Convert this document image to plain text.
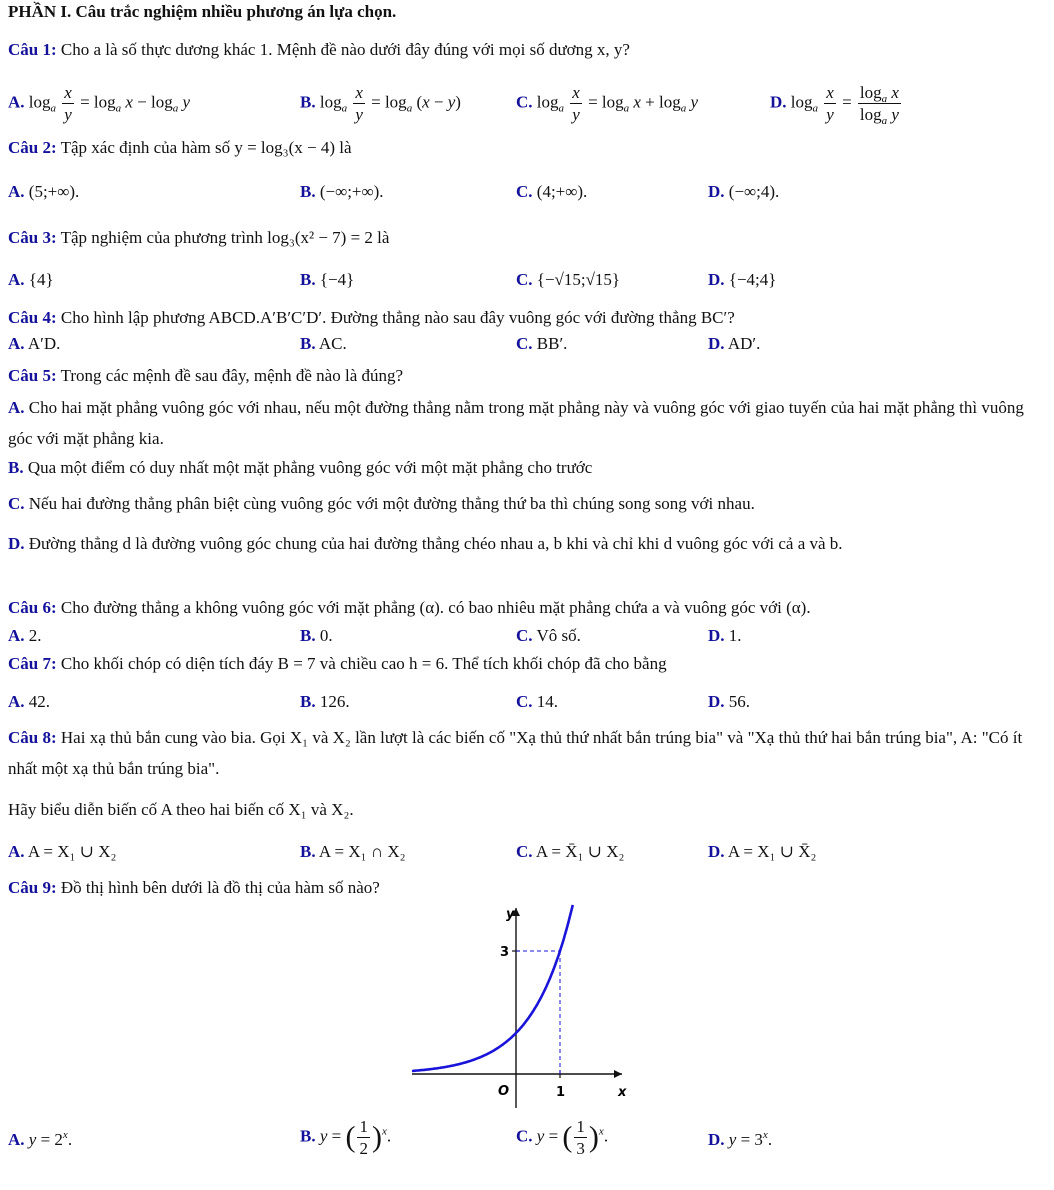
PHẦN I. Câu trắc nghiệm nhiều phương án lựa chọn.
Câu 1: Cho a là số thực dương khác 1. Mệnh đề nào dưới đây đúng với mọi số dương x, y?
A. $\log_a \frac{x}{y} = \log_a x - \log_a y$	B. $\log_a \frac{x}{y} = \log_a (x - y)$	C. $\log_a \frac{x}{y} = \log_a x + \log_a y$	D. $\log_a \frac{x}{y} = \frac{\log_a x}{\log_a y}$
Câu 2: Tập xác định của hàm số y = log₃(x − 4) là
A. (5;+∞).	B. (−∞;+∞).	C. (4;+∞).	D. (−∞;4).
Câu 3: Tập nghiệm của phương trình log₃(x² − 7) = 2 là
A. {4}	B. {−4}	C. {−√15;√15}	D. {−4;4}
Câu 4: Cho hình lập phương ABCD.A′B′C′D′. Đường thẳng nào sau đây vuông góc với đường thẳng BC′?
A. A′D.	B. AC.	C. BB′.	D. AD′.
Câu 5: Trong các mệnh đề sau đây, mệnh đề nào là đúng?
A. Cho hai mặt phẳng vuông góc với nhau, nếu một đường thẳng nằm trong mặt phẳng này và vuông góc với giao tuyến của hai mặt phẳng thì vuông góc với mặt phẳng kia.
B. Qua một điểm có duy nhất một mặt phẳng vuông góc với một mặt phẳng cho trước
C. Nếu hai đường thẳng phân biệt cùng vuông góc với một đường thẳng thứ ba thì chúng song song với nhau.
D. Đường thẳng d là đường vuông góc chung của hai đường thẳng chéo nhau a, b khi và chỉ khi d vuông góc với cả a và b.
Câu 6: Cho đường thẳng a không vuông góc với mặt phẳng (α). có bao nhiêu mặt phẳng chứa a và vuông góc với (α).
A. 2.	B. 0.	C. Vô số.	D. 1.
Câu 7: Cho khối chóp có diện tích đáy B = 7 và chiều cao h = 6. Thể tích khối chóp đã cho bằng
A. 42.	B. 126.	C. 14.	D. 56.
Câu 8: Hai xạ thủ bắn cung vào bia. Gọi X₁ và X₂ lần lượt là các biến cố "Xạ thủ thứ nhất bắn trúng bia" và "Xạ thủ thứ hai bắn trúng bia", A: "Có ít nhất một xạ thủ bắn trúng bia".
Hãy biểu diễn biến cố A theo hai biến cố X₁ và X₂.
A. A = X₁ ∪ X₂	B. A = X₁ ∩ X₂	C. A = X̄₁ ∪ X₂	D. A = X₁ ∪ X̄₂
Câu 9: Đồ thị hình bên dưới là đồ thị của hàm số nào?
y
x
O	1
3
A. $y = 2^x$.	B. y = ( $\frac{1}{2} )^x$.	C. y = ( $\frac{1}{3} )^x$.	D. $y = 3^x$.
